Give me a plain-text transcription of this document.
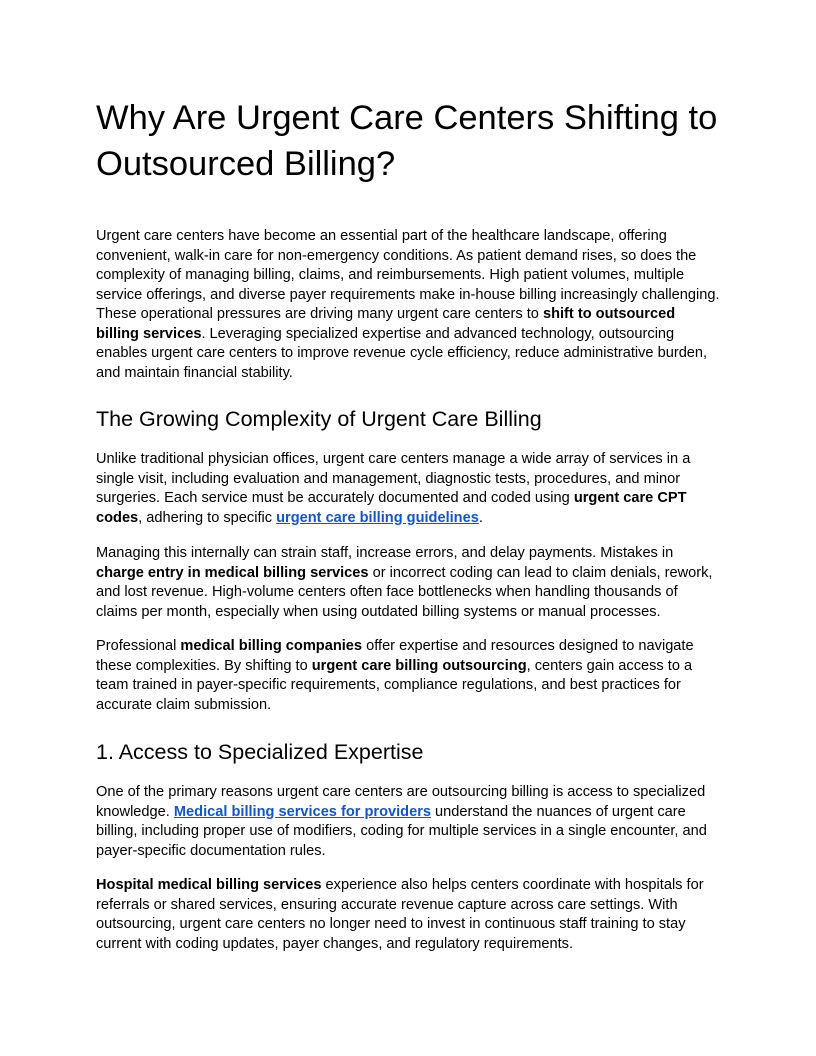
Why Are Urgent Care Centers Shifting to Outsourced Billing?

Urgent care centers have become an essential part of the healthcare landscape, offering convenient, walk-in care for non-emergency conditions. As patient demand rises, so does the complexity of managing billing, claims, and reimbursements. High patient volumes, multiple service offerings, and diverse payer requirements make in-house billing increasingly challenging. These operational pressures are driving many urgent care centers to shift to outsourced billing services. Leveraging specialized expertise and advanced technology, outsourcing enables urgent care centers to improve revenue cycle efficiency, reduce administrative burden, and maintain financial stability.

The Growing Complexity of Urgent Care Billing

Unlike traditional physician offices, urgent care centers manage a wide array of services in a single visit, including evaluation and management, diagnostic tests, procedures, and minor surgeries. Each service must be accurately documented and coded using urgent care CPT codes, adhering to specific urgent care billing guidelines.

Managing this internally can strain staff, increase errors, and delay payments. Mistakes in charge entry in medical billing services or incorrect coding can lead to claim denials, rework, and lost revenue. High-volume centers often face bottlenecks when handling thousands of claims per month, especially when using outdated billing systems or manual processes.

Professional medical billing companies offer expertise and resources designed to navigate these complexities. By shifting to urgent care billing outsourcing, centers gain access to a team trained in payer-specific requirements, compliance regulations, and best practices for accurate claim submission.

1. Access to Specialized Expertise

One of the primary reasons urgent care centers are outsourcing billing is access to specialized knowledge. Medical billing services for providers understand the nuances of urgent care billing, including proper use of modifiers, coding for multiple services in a single encounter, and payer-specific documentation rules.

Hospital medical billing services experience also helps centers coordinate with hospitals for referrals or shared services, ensuring accurate revenue capture across care settings. With outsourcing, urgent care centers no longer need to invest in continuous staff training to stay current with coding updates, payer changes, and regulatory requirements.
